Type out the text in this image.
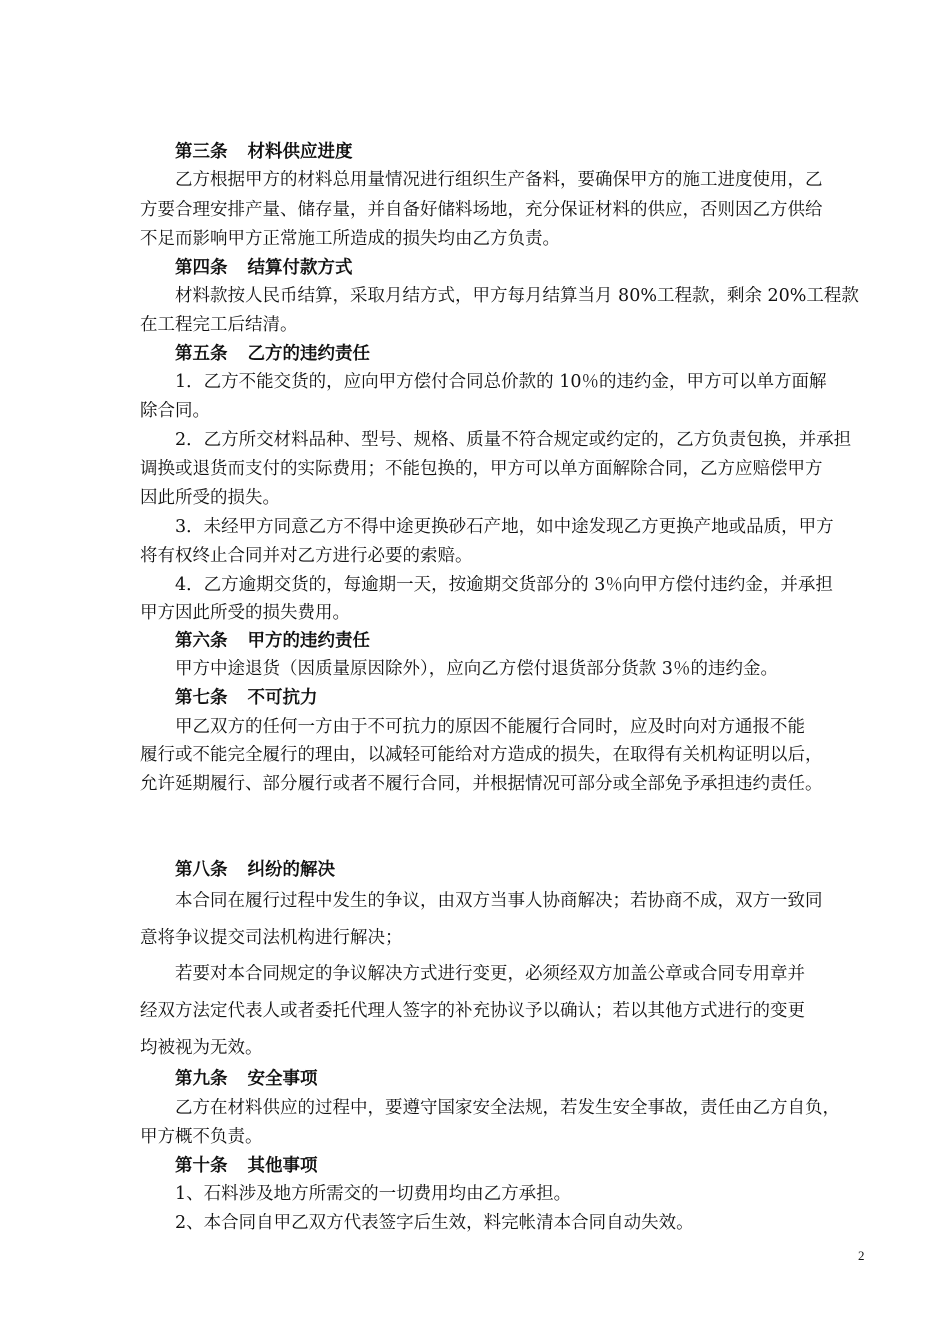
第三条 材料供应进度
乙方根据甲方的材料总用量情况进行组织生产备料，要确保甲方的施工进度使用，乙
方要合理安排产量、储存量，并自备好储料场地，充分保证材料的供应，否则因乙方供给
不足而影响甲方正常施工所造成的损失均由乙方负责。
第四条 结算付款方式
材料款按人民币结算，采取月结方式，甲方每月结算当月 80%工程款，剩余 20%工程款
在工程完工后结清。
第五条 乙方的违约责任
1．乙方不能交货的，应向甲方偿付合同总价款的 10％的违约金，甲方可以单方面解
除合同。
2．乙方所交材料品种、型号、规格、质量不符合规定或约定的，乙方负责包换，并承担
调换或退货而支付的实际费用；不能包换的，甲方可以单方面解除合同，乙方应赔偿甲方
因此所受的损失。
3．未经甲方同意乙方不得中途更换砂石产地，如中途发现乙方更换产地或品质，甲方
将有权终止合同并对乙方进行必要的索赔。
4．乙方逾期交货的，每逾期一天，按逾期交货部分的 3％向甲方偿付违约金，并承担
甲方因此所受的损失费用。
第六条 甲方的违约责任
甲方中途退货（因质量原因除外），应向乙方偿付退货部分货款 3％的违约金。
第七条 不可抗力
甲乙双方的任何一方由于不可抗力的原因不能履行合同时，应及时向对方通报不能
履行或不能完全履行的理由，以减轻可能给对方造成的损失，在取得有关机构证明以后，
允许延期履行、部分履行或者不履行合同，并根据情况可部分或全部免予承担违约责任。
第八条 纠纷的解决
本合同在履行过程中发生的争议，由双方当事人协商解决；若协商不成，双方一致同
意将争议提交司法机构进行解决；
若要对本合同规定的争议解决方式进行变更，必须经双方加盖公章或合同专用章并
经双方法定代表人或者委托代理人签字的补充协议予以确认；若以其他方式进行的变更
均被视为无效。
第九条 安全事项
乙方在材料供应的过程中，要遵守国家安全法规，若发生安全事故，责任由乙方自负，
甲方概不负责。
第十条 其他事项
1、石料涉及地方所需交的一切费用均由乙方承担。
2、本合同自甲乙双方代表签字后生效，料完帐清本合同自动失效。
2
